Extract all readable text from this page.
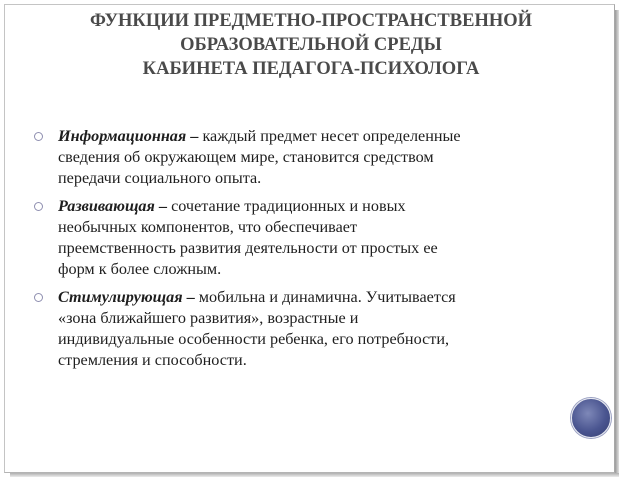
ФУНКЦИИ ПРЕДМЕТНО-ПРОСТРАНСТВЕННОЙ
ОБРАЗОВАТЕЛЬНОЙ СРЕДЫ
КАБИНЕТА ПЕДАГОГА-ПСИХОЛОГА
Информационная – каждый предмет несет определенные
сведения об окружающем мире, становится средством
передачи социального опыта.
Развивающая – сочетание традиционных и новых
необычных компонентов, что обеспечивает
преемственность развития деятельности от простых ее
форм к более сложным.
Стимулирующая – мобильна и динамична. Учитывается
«зона ближайшего развития», возрастные и
индивидуальные особенности ребенка, его потребности,
стремления и способности.
